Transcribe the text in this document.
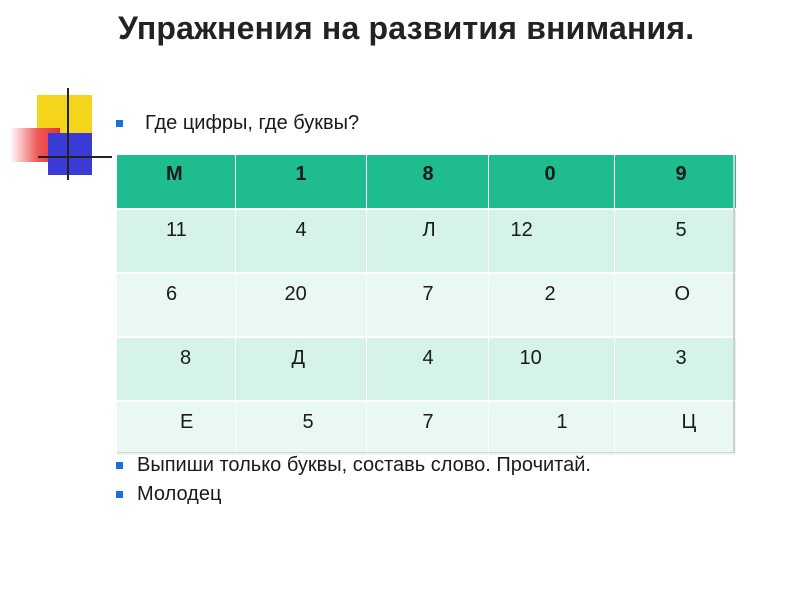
Упражнения на развития внимания.
Где цифры, где буквы?
М	1	8	0	9
11	4	Л	12	5
6	20	7	2	О
8	Д	4	10	3
Е	5	7	1	Ц
Выпиши только буквы, составь слово. Прочитай.
Молодец
